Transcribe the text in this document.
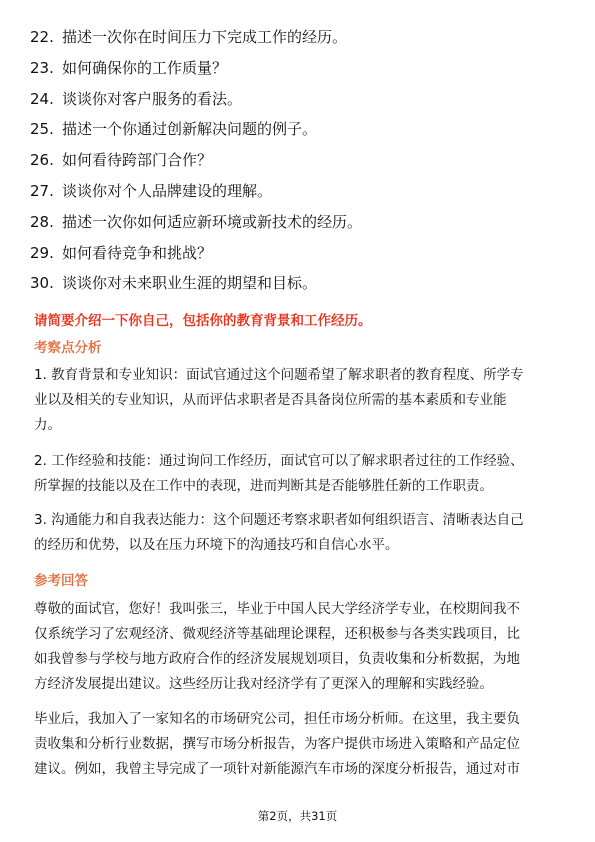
22. 描述一次你在时间压力下完成工作的经历。
23. 如何确保你的工作质量？
24. 谈谈你对客户服务的看法。
25. 描述一个你通过创新解决问题的例子。
26. 如何看待跨部门合作？
27. 谈谈你对个人品牌建设的理解。
28. 描述一次你如何适应新环境或新技术的经历。
29. 如何看待竞争和挑战？
30. 谈谈你对未来职业生涯的期望和目标。
请简要介绍一下你自己，包括你的教育背景和工作经历。
考察点分析
1. 教育背景和专业知识：面试官通过这个问题希望了解求职者的教育程度、所学专
业以及相关的专业知识，从而评估求职者是否具备岗位所需的基本素质和专业能
力。
2. 工作经验和技能：通过询问工作经历，面试官可以了解求职者过往的工作经验、
所掌握的技能以及在工作中的表现，进而判断其是否能够胜任新的工作职责。
3. 沟通能力和自我表达能力：这个问题还考察求职者如何组织语言、清晰表达自己
的经历和优势，以及在压力环境下的沟通技巧和自信心水平。
参考回答
尊敬的面试官，您好！我叫张三，毕业于中国人民大学经济学专业，在校期间我不
仅系统学习了宏观经济、微观经济等基础理论课程，还积极参与各类实践项目，比
如我曾参与学校与地方政府合作的经济发展规划项目，负责收集和分析数据，为地
方经济发展提出建议。这些经历让我对经济学有了更深入的理解和实践经验。
毕业后，我加入了一家知名的市场研究公司，担任市场分析师。在这里，我主要负
责收集和分析行业数据，撰写市场分析报告，为客户提供市场进入策略和产品定位
建议。例如，我曾主导完成了一项针对新能源汽车市场的深度分析报告，通过对市
第2页，共31页
